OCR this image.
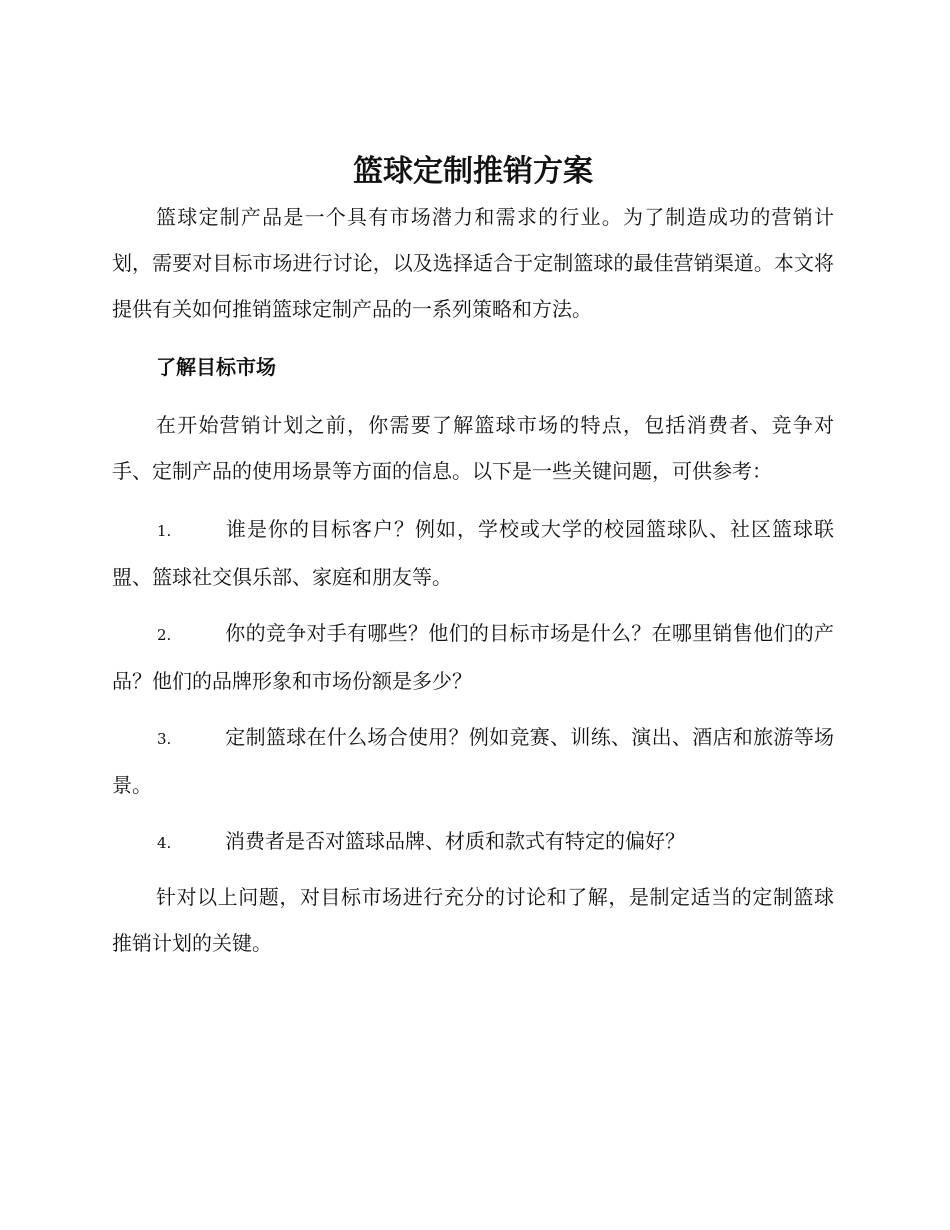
篮球定制推销方案

篮球定制产品是一个具有市场潜力和需求的行业。为了制造成功的营销计划，需要对目标市场进行讨论，以及选择适合于定制篮球的最佳营销渠道。本文将提供有关如何推销篮球定制产品的一系列策略和方法。

了解目标市场

在开始营销计划之前，你需要了解篮球市场的特点，包括消费者、竞争对手、定制产品的使用场景等方面的信息。以下是一些关键问题，可供参考：

1.	谁是你的目标客户？例如，学校或大学的校园篮球队、社区篮球联盟、篮球社交俱乐部、家庭和朋友等。
2.	你的竞争对手有哪些？他们的目标市场是什么？在哪里销售他们的产品？他们的品牌形象和市场份额是多少？
3.	定制篮球在什么场合使用？例如竞赛、训练、演出、酒店和旅游等场景。
4.	消费者是否对篮球品牌、材质和款式有特定的偏好？

针对以上问题，对目标市场进行充分的讨论和了解，是制定适当的定制篮球推销计划的关键。
